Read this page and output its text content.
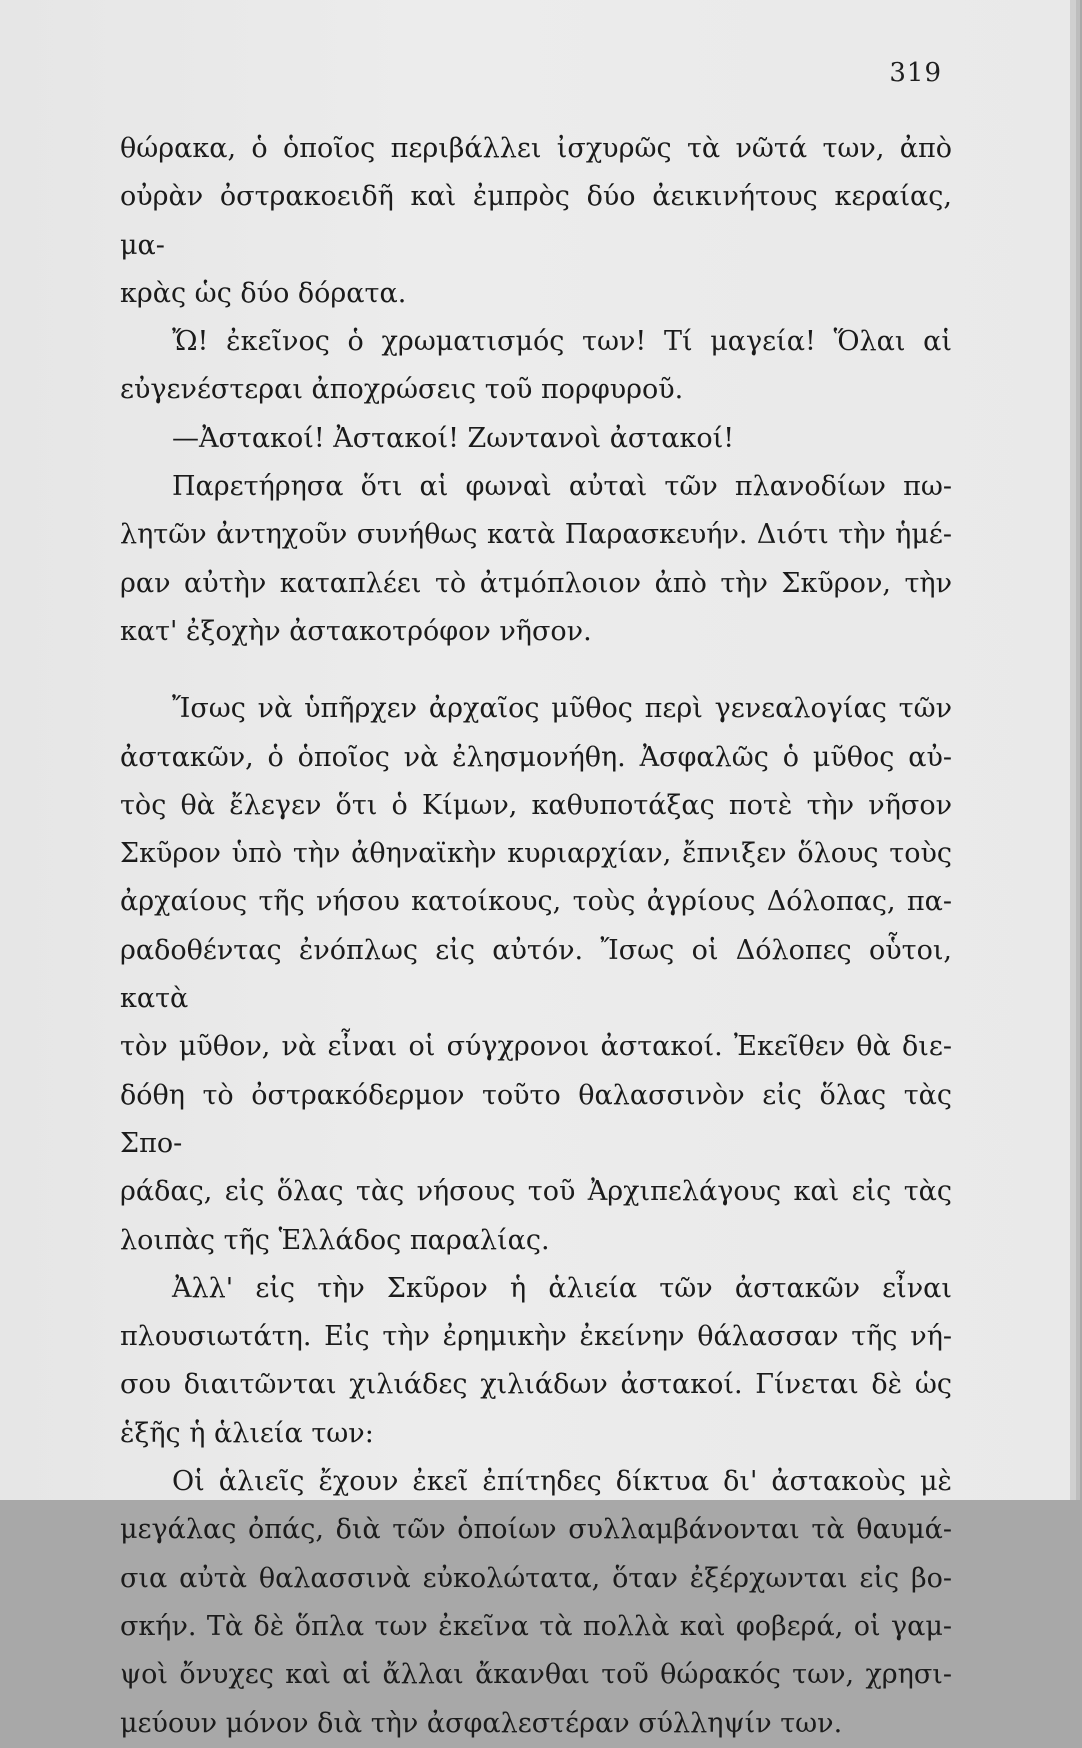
319
θώρακα, ὁ ὁποῖος περιβάλλει ἰσχυρῶς τὰ νῶτά των, ἀπὸ
οὐρὰν ὀστρακοειδῆ καὶ ἐμπρὸς δύο ἀεικινήτους κεραίας, μα-
κρὰς ὡς δύο δόρατα.
Ὤ! ἐκεῖνος ὁ χρωματισμός των! Τί μαγεία! Ὅλαι αἱ
εὐγενέστεραι ἀποχρώσεις τοῦ πορφυροῦ.
—Ἀστακοί! Ἀστακοί! Ζωντανοὶ ἀστακοί!
Παρετήρησα ὅτι αἱ φωναὶ αὐταὶ τῶν πλανοδίων πω-
λητῶν ἀντηχοῦν συνήθως κατὰ Παρασκευήν. Διότι τὴν ἡμέ-
ραν αὐτὴν καταπλέει τὸ ἀτμόπλοιον ἀπὸ τὴν Σκῦρον, τὴν
κατ' ἐξοχὴν ἀστακοτρόφον νῆσον.
Ἴσως νὰ ὑπῆρχεν ἀρχαῖος μῦθος περὶ γενεαλογίας τῶν
ἀστακῶν, ὁ ὁποῖος νὰ ἐλησμονήθη. Ἀσφαλῶς ὁ μῦθος αὐ-
τὸς θὰ ἔλεγεν ὅτι ὁ Κίμων, καθυποτάξας ποτὲ τὴν νῆσον
Σκῦρον ὑπὸ τὴν ἀθηναϊκὴν κυριαρχίαν, ἔπνιξεν ὅλους τοὺς
ἀρχαίους τῆς νήσου κατοίκους, τοὺς ἀγρίους Δόλοπας, πα-
ραδοθέντας ἐνόπλως εἰς αὐτόν. Ἴσως οἱ Δόλοπες οὗτοι, κατὰ
τὸν μῦθον, νὰ εἶναι οἱ σύγχρονοι ἀστακοί. Ἐκεῖθεν θὰ διε-
δόθη τὸ ὀστρακόδερμον τοῦτο θαλασσινὸν εἰς ὅλας τὰς Σπο-
ράδας, εἰς ὅλας τὰς νήσους τοῦ Ἀρχιπελάγους καὶ εἰς τὰς
λοιπὰς τῆς Ἑλλάδος παραλίας.
Ἀλλ' εἰς τὴν Σκῦρον ἡ ἁλιεία τῶν ἀστακῶν εἶναι
πλουσιωτάτη. Εἰς τὴν ἐρημικὴν ἐκείνην θάλασσαν τῆς νή-
σου διαιτῶνται χιλιάδες χιλιάδων ἀστακοί. Γίνεται δὲ ὡς
ἑξῆς ἡ ἁλιεία των:
Οἱ ἁλιεῖς ἔχουν ἐκεῖ ἐπίτηδες δίκτυα δι' ἀστακοὺς μὲ
μεγάλας ὀπάς, διὰ τῶν ὁποίων συλλαμβάνονται τὰ θαυμά-
σια αὐτὰ θαλασσινὰ εὐκολώτατα, ὅταν ἐξέρχωνται εἰς βο-
σκήν. Τὰ δὲ ὅπλα των ἐκεῖνα τὰ πολλὰ καὶ φοβερά, οἱ γαμ-
ψοὶ ὄνυχες καὶ αἱ ἄλλαι ἄκανθαι τοῦ θώρακός των, χρησι-
μεύουν μόνον διὰ τὴν ἀσφαλεστέραν σύλληψίν των.
